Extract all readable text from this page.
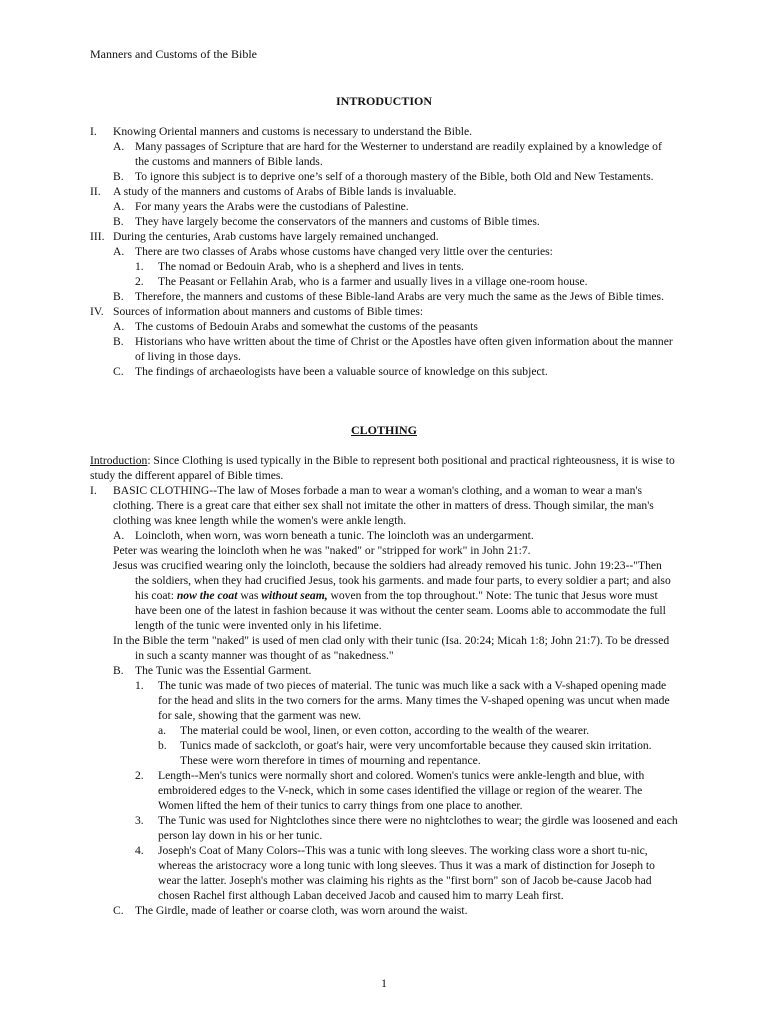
Manners and Customs of the Bible
INTRODUCTION
I.	Knowing Oriental manners and customs is necessary to understand the Bible.
A. Many passages of Scripture that are hard for the Westerner to understand are readily explained by a knowledge of the customs and manners of Bible lands.
B. To ignore this subject is to deprive one’s self of a thorough mastery of the Bible, both Old and New Testaments.
II.	A study of the manners and customs of Arabs of Bible lands is invaluable.
A. For many years the Arabs were the custodians of Palestine.
B. They have largely become the conservators of the manners and customs of Bible times.
III. During the centuries, Arab customs have largely remained unchanged.
A. There are two classes of Arabs whose customs have changed very little over the centuries:
1.	The nomad or Bedouin Arab, who is a shepherd and lives in tents.
2.	The Peasant or Fellahin Arab, who is a farmer and usually lives in a village one-room house.
B. Therefore, the manners and customs of these Bible-land Arabs are very much the same as the Jews of Bible times.
IV. Sources of information about manners and customs of Bible times:
A. The customs of Bedouin Arabs and somewhat the customs of the peasants
B. Historians who have written about the time of Christ or the Apostles have often given information about the manner of living in those days.
C. The findings of archaeologists have been a valuable source of knowledge on this subject.
CLOTHING
Introduction: Since Clothing is used typically in the Bible to represent both positional and practical righteousness, it is wise to study the different apparel of Bible times.
I.	BASIC CLOTHING--The law of Moses forbade a man to wear a woman's clothing, and a woman to wear a man's clothing. There is a great care that either sex shall not imitate the other in matters of dress. Though similar, the man's clothing was knee length while the women's were ankle length.
A. Loincloth, when worn, was worn beneath a tunic. The loincloth was an undergarment.
Peter was wearing the loincloth when he was "naked" or "stripped for work" in John 21:7.
Jesus was crucified wearing only the loincloth, because the soldiers had already removed his tunic. John 19:23--"Then the soldiers, when they had crucified Jesus, took his garments. and made four parts, to every soldier a part; and also his coat: now the coat was without seam, woven from the top throughout." Note: The tunic that Jesus wore must have been one of the latest in fashion because it was without the center seam. Looms able to accommodate the full length of the tunic were invented only in his lifetime.
In the Bible the term "naked" is used of men clad only with their tunic (Isa. 20:24; Micah 1:8; John 21:7). To be dressed in such a scanty manner was thought of as "nakedness."
B. The Tunic was the Essential Garment.
1.	The tunic was made of two pieces of material. The tunic was much like a sack with a V-shaped opening made for the head and slits in the two corners for the arms. Many times the V-shaped opening was uncut when made for sale, showing that the garment was new.
a.	The material could be wool, linen, or even cotton, according to the wealth of the wearer.
b.	Tunics made of sackcloth, or goat's hair, were very uncomfortable because they caused skin irritation. These were worn therefore in times of mourning and repentance.
2.	Length--Men's tunics were normally short and colored. Women's tunics were ankle-length and blue, with embroidered edges to the V-neck, which in some cases identified the village or region of the wearer. The Women lifted the hem of their tunics to carry things from one place to another.
3.	The Tunic was used for Nightclothes since there were no nightclothes to wear; the girdle was loosened and each person lay down in his or her tunic.
4.	Joseph's Coat of Many Colors--This was a tunic with long sleeves. The working class wore a short tu-nic, whereas the aristocracy wore a long tunic with long sleeves. Thus it was a mark of distinction for Joseph to wear the latter. Joseph's mother was claiming his rights as the "first born" son of Jacob be-cause Jacob had chosen Rachel first although Laban deceived Jacob and caused him to marry Leah first.
C. The Girdle, made of leather or coarse cloth, was worn around the waist.
1
